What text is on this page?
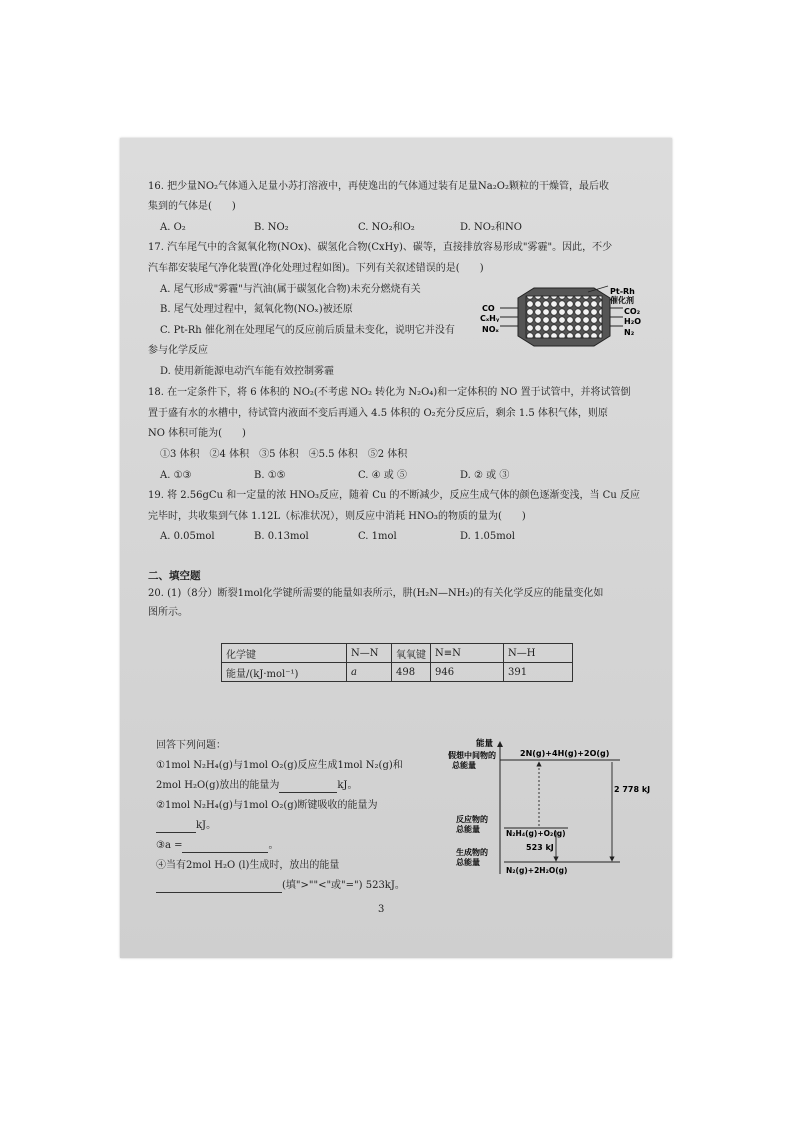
16. 把少量NO₂气体通入足量小苏打溶液中，再使逸出的气体通过装有足量Na₂O₂颗粒的干燥管，最后收
集到的气体是(　　)
A. O₂	B. NO₂	C. NO₂和O₂	D. NO₂和NO
17. 汽车尾气中的含氮氧化物(NOx)、碳氢化合物(CxHy)、碳等，直接排放容易形成"雾霾"。因此，不少
汽车都安装尾气净化装置(净化处理过程如图)。下列有关叙述错误的是(　　)
A. 尾气形成"雾霾"与汽油(属于碳氢化合物)未充分燃烧有关
B. 尾气处理过程中，氮氧化物(NOₓ)被还原
C. Pt-Rh 催化剂在处理尾气的反应前后质量未变化，说明它并没有
参与化学反应
D. 使用新能源电动汽车能有效控制雾霾
Pt-Rh
催化剂
CO
CₓHᵧ
NOₓ
CO₂
H₂O
N₂
18. 在一定条件下，将 6 体积的 NO₂(不考虑 NO₂ 转化为 N₂O₄)和一定体积的 NO 置于试管中，并将试管倒
置于盛有水的水槽中，待试管内液面不变后再通入 4.5 体积的 O₂充分反应后，剩余 1.5 体积气体，则原
NO 体积可能为(　　)
①3 体积　②4 体积　③5 体积　④5.5 体积　⑤2 体积
A. ①③	B. ①⑤	C. ④ 或 ⑤	D. ② 或 ③
19. 将 2.56gCu 和一定量的浓 HNO₃反应，随着 Cu 的不断减少，反应生成气体的颜色逐渐变浅，当 Cu 反应
完毕时，共收集到气体 1.12L（标准状况），则反应中消耗 HNO₃的物质的量为(　　)
A. 0.05mol	B. 0.13mol	C. 1mol	D. 1.05mol
二、填空题
20. (1)（8分）断裂1mol化学键所需要的能量如表所示，肼(H₂N—NH₂)的有关化学反应的能量变化如
图所示。
化学键	N—N	氧氧键	N≡N	N—H
能量/(kJ·mol⁻¹)	a	498	946	391
回答下列问题：
①1mol N₂H₄(g)与1mol O₂(g)反应生成1mol N₂(g)和
2mol H₂O(g)放出的能量为	kJ。
②1mol N₂H₄(g)与1mol O₂(g)断键吸收的能量为
kJ。
③a =	。
④当有2mol H₂O (l)生成时，放出的能量
(填">""<"或"=") 523kJ。
能量
假想中间物的
总能量
2N(g)+4H(g)+2O(g)
2 778 kJ
反应物的
总能量	N₂H₄(g)+O₂(g)
523 kJ
生成物的
总能量
N₂(g)+2H₂O(g)
3
